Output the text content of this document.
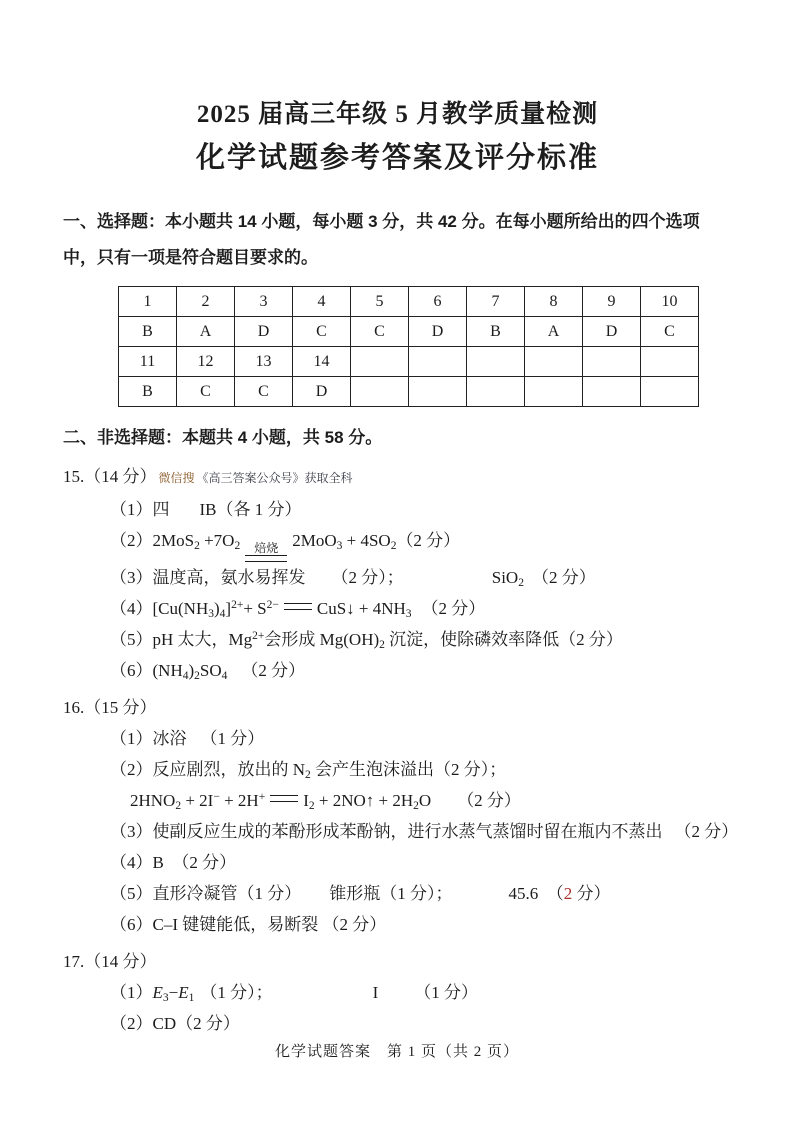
2025 届高三年级 5 月教学质量检测
化学试题参考答案及评分标准

一、选择题：本小题共 14 小题，每小题 3 分，共 42 分。在每小题所给出的四个选项中，只有一项是符合题目要求的。

1	2	3	4	5	6	7	8	9	10
B	A	D	C	C	D	B	A	D	C
11	12	13	14						
B	C	C	D						

二、非选择题：本题共 4 小题，共 58 分。

15.（14 分） 微信搜 《高三答案公众号》获取全科
（1）四 IB（各 1 分）
$(2)2MoS_2 +7O_2$ 焙烧 $2MoO_3 + 4SO_2(2$ 分）
（3）温度高，氨水易挥发 （2 分）；	SiO$_2$ （2 分）
$(4)[Cu(NH_3)_4]^{2+}+ S^{2-}$ CuS↓ + $4NH_3$ （2 分）
（5）pH 太大，$Mg^{2+}$会形成 $Mg(OH)_2$ 沉淀，使除磷效率降低（2 分）
$(6)(NH_4)_2SO_4$ （2 分）
16.（15 分）
（1）冰浴 （1 分）
（2）反应剧烈，放出的 $N_2$ 会产生泡沫溢出（2 分）；
$2HNO_2 + 2I^- + 2H^+$ $I_2$ + 2NO↑ + $2H_2O$ （2 分）
（3）使副反应生成的苯酚形成苯酚钠，进行水蒸气蒸馏时留在瓶内不蒸出 （2 分）
（4）B　（2 分）
（5）直形冷凝管（1 分） 锥形瓶（1 分）；	45.6　（2 分）
（6）C–I 键键能低，易断裂 （2 分）
17.（14 分）
$(1)E_3-E_1$ （1 分）；	I （1 分）
（2）CD（2 分）
化学试题答案　第 1 页（共 2 页）
